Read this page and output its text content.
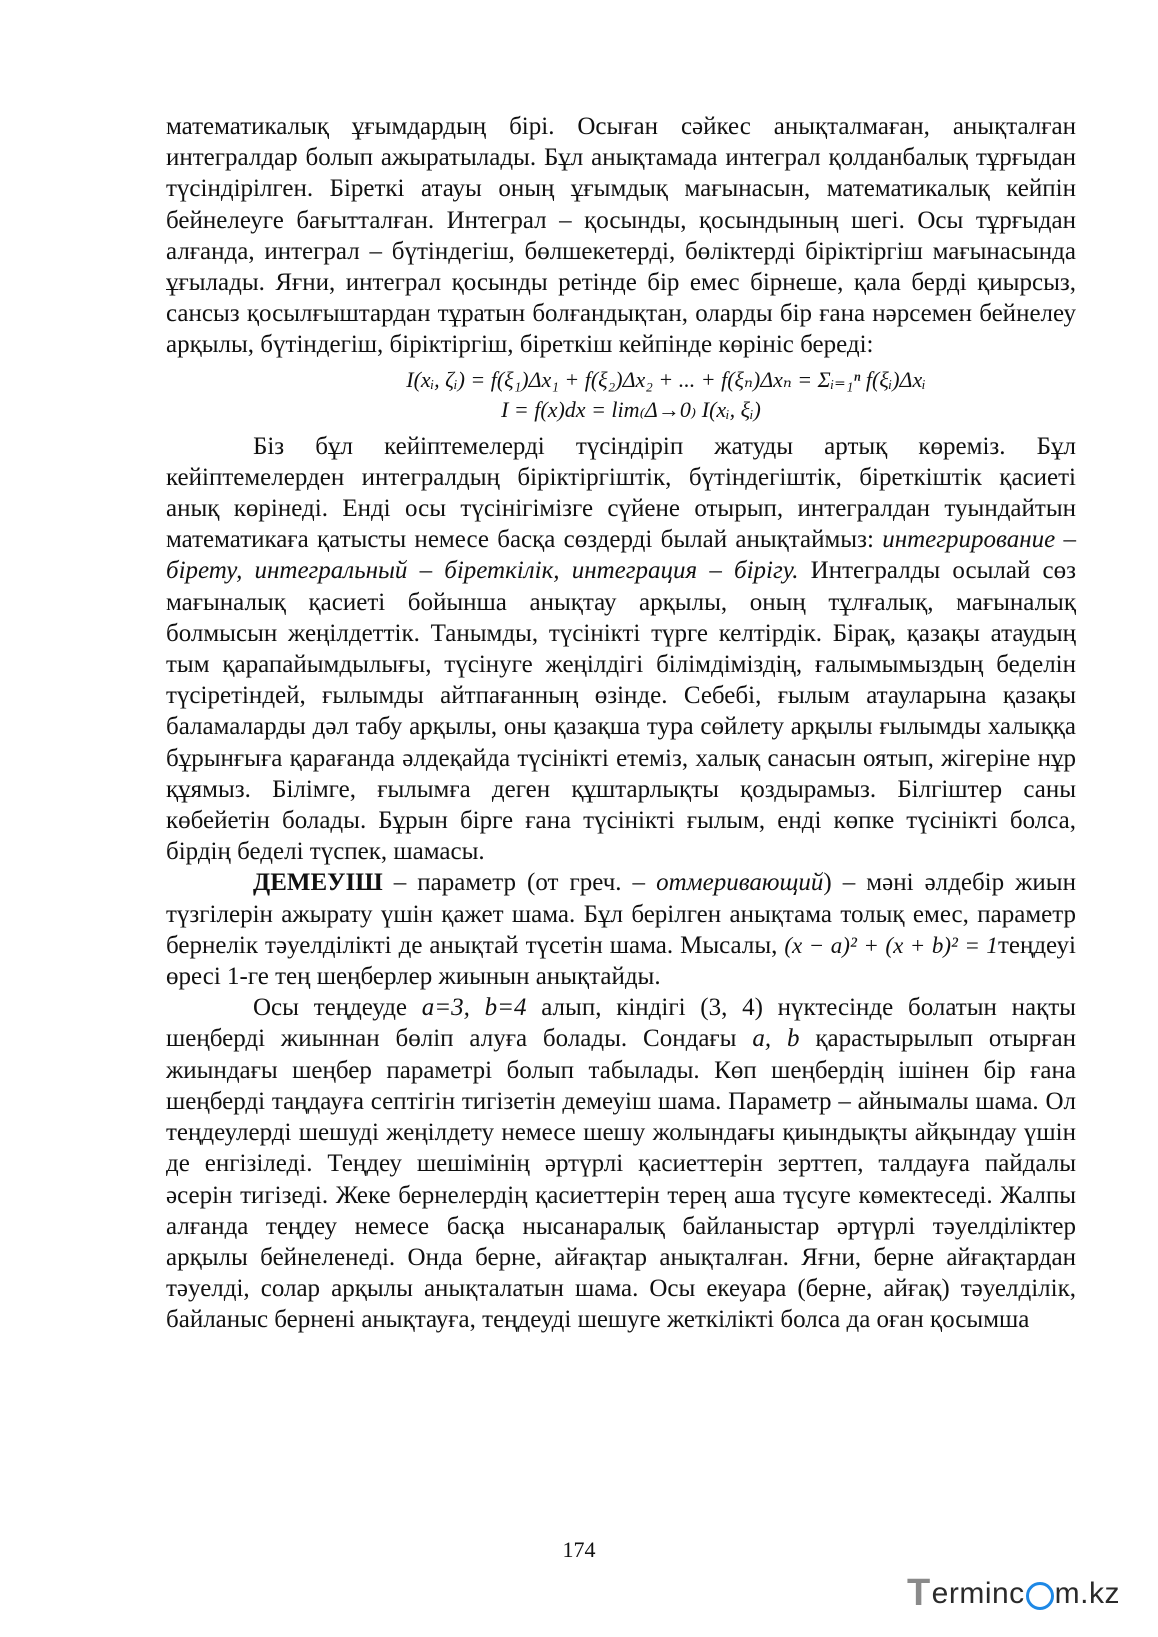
математикалық ұғымдардың бірі. Осыған сәйкес анықталмаған, анықталған интегралдар болып ажыратылады. Бұл анықтамада интеграл қолданбалық тұрғыдан түсіндірілген. Біреткі атауы оның ұғымдық мағынасын, математикалық кейпін бейнелеуге бағытталған. Интеграл – қосынды, қосындының шегі. Осы тұрғыдан алғанда, интеграл – бүтіндегіш, бөлшекетерді, бөліктерді біріктіргіш мағынасында ұғылады. Яғни, интеграл қосынды ретінде бір емес бірнеше, қала берді қиырсыз, сансыз қосылғыштардан тұратын болғандықтан, оларды бір ғана нәрсемен бейнелеу арқылы, бүтіндегіш, біріктіргіш, біреткіш кейпінде көрініс береді:

I(xᵢ, ζᵢ) = f(ξ₁)Δx₁ + f(ξ₂)Δx₂ + ... + f(ξₙ)Δxₙ = Σᵢ₌₁ⁿ f(ξᵢ)Δxᵢ
I = f(x)dx = lim₍Δ→0₎ I(xᵢ, ξᵢ)

Біз бұл кейіптемелерді түсіндіріп жатуды артық көреміз. Бұл кейіптемелерден интегралдың біріктіргіштік, бүтіндегіштік, біреткіштік қасиеті анық көрінеді. Енді осы түсінігімізге сүйене отырып, интегралдан туындайтын математикаға қатысты немесе басқа сөздерді былай анықтаймыз: интегрирование – бірету, интегральный – біреткілік, интеграция – бірігу. Интегралды осылай сөз мағыналық қасиеті бойынша анықтау арқылы, оның тұлғалық, мағыналық болмысын жеңілдеттік. Танымды, түсінікті түрге келтірдік. Бірақ, қазақы атаудың тым қарапайымдылығы, түсінуге жеңілдігі білімдіміздің, ғалымымыздың беделін түсіретіндей, ғылымды айтпағанның өзінде. Себебі, ғылым атауларына қазақы баламаларды дәл табу арқылы, оны қазақша тура сөйлету арқылы ғылымды халыққа бұрынғыға қарағанда әлдеқайда түсінікті етеміз, халық санасын оятып, жігеріне нұр құямыз. Білімге, ғылымға деген құштарлықты қоздырамыз. Білгіштер саны көбейетін болады. Бұрын бірге ғана түсінікті ғылым, енді көпке түсінікті болса, бірдің беделі түспек, шамасы.

ДЕМЕУІШ – параметр (от греч. – отмеривающий) – мәні әлдебір жиын түзгілерін ажырату үшін қажет шама. Бұл берілген анықтама толық емес, параметр бернелік тәуелділікті де анықтай түсетін шама. Мысалы, (x − a)² + (x + b)² = 1теңдеуі өресі 1-ге тең шеңберлер жиынын анықтайды.

Осы теңдеуде a=3, b=4 алып, кіндігі (3, 4) нүктесінде болатын нақты шеңберді жиыннан бөліп алуға болады. Сондағы a, b қарастырылып отырған жиындағы шеңбер параметрі болып табылады. Көп шеңбердің ішінен бір ғана шеңберді таңдауға септігін тигізетін демеуіш шама. Параметр – айнымалы шама. Ол теңдеулерді шешуді жеңілдету немесе шешу жолындағы қиындықты айқындау үшін де енгізіледі. Теңдеу шешімінің әртүрлі қасиеттерін зерттеп, талдауға пайдалы әсерін тигізеді. Жеке бернелердің қасиеттерін терең аша түсуге көмектеседі. Жалпы алғанда теңдеу немесе басқа нысанаралық байланыстар әртүрлі тәуелділіктер арқылы бейнеленеді. Онда берне, айғақтар анықталған. Яғни, берне айғақтардан тәуелді, солар арқылы анықталатын шама. Осы екеуара (берне, айғақ) тәуелділік, байланыс бернені анықтауға, теңдеуді шешуге жеткілікті болса да оған қосымша

174
T erminc m.kz
